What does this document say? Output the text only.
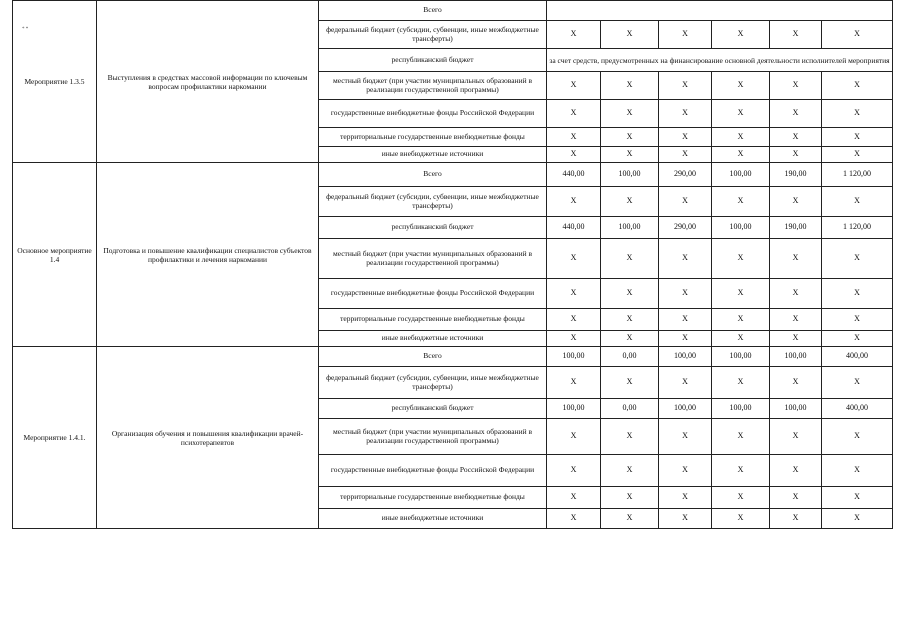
* *
Мероприятие 1.3.5	Выступления в средствах массовой информации по ключевым вопросам профилактики наркомании	Всего						
		федеральный бюджет (субсидии, субвенции, иные межбюджетные трансферты)	X	X	X	X	X	X
		республиканский бюджет	за счет средств, предусмотренных на финансирование основной деятельности исполнителей мероприятия					
		местный бюджет (при участии муниципальных образований в реализации государственной программы)	X	X	X	X	X	X
		государственные внебюджетные фонды Российской Федерации	X	X	X	X	X	X
		территориальные государственные внебюджетные фонды	X	X	X	X	X	X
		иные внебюджетные источники	X	X	X	X	X	X
Основное мероприятие 1.4	Подготовка и повышение квалификации специалистов субъектов профилактики и лечения наркомании	Всего	440,00	100,00	290,00	100,00	190,00	1 120,00
		федеральный бюджет (субсидии, субвенции, иные межбюджетные трансферты)	X	X	X	X	X	X
		республиканский бюджет	440,00	100,00	290,00	100,00	190,00	1 120,00
		местный бюджет (при участии муниципальных образований в реализации государственной программы)	X	X	X	X	X	X
		государственные внебюджетные фонды Российской Федерации	X	X	X	X	X	X
		территориальные государственные внебюджетные фонды	X	X	X	X	X	X
		иные внебюджетные источники	X	X	X	X	X	X
Мероприятие 1.4.1.	Организация обучения и повышения квалификации врачей-психотерапевтов	Всего	100,00	0,00	100,00	100,00	100,00	400,00
		федеральный бюджет (субсидии, субвенции, иные межбюджетные трансферты)	X	X	X	X	X	X
		республиканский бюджет	100,00	0,00	100,00	100,00	100,00	400,00
		местный бюджет (при участии муниципальных образований в реализации государственной программы)	X	X	X	X	X	X
		государственные внебюджетные фонды Российской Федерации	X	X	X	X	X	X
		территориальные государственные внебюджетные фонды	X	X	X	X	X	X
		иные внебюджетные источники	X	X	X	X	X	X
